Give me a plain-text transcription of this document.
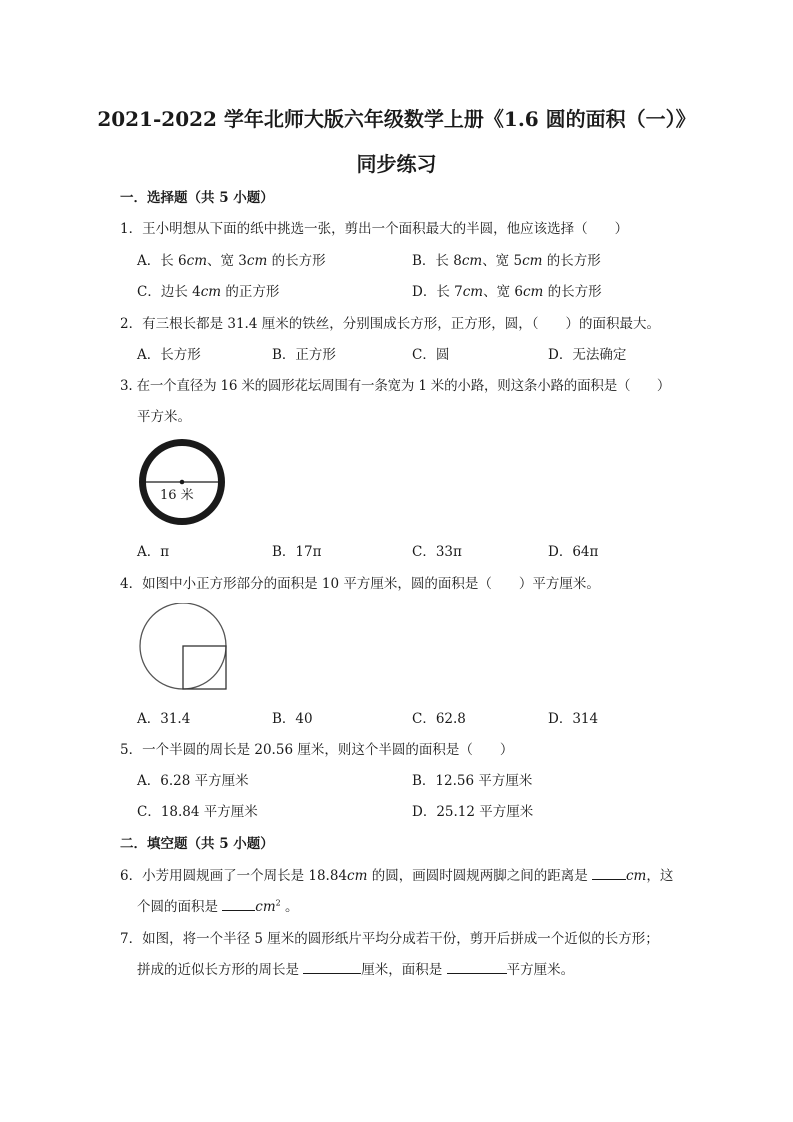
2021-2022 学年北师大版六年级数学上册《1.6 圆的面积（一）》
同步练习
一．选择题（共 5 小题）
1．王小明想从下面的纸中挑选一张，剪出一个面积最大的半圆，他应该选择（　　）
A．长 6cm、宽 3cm 的长方形	B．长 8cm、宽 5cm 的长方形
C．边长 4cm 的正方形	D．长 7cm、宽 6cm 的长方形
2．有三根长都是 31.4 厘米的铁丝，分别围成长方形，正方形，圆，（　　）的面积最大。
A．长方形	B．正方形	C．圆	D．无法确定
3. 在一个直径为 16 米的圆形花坛周围有一条宽为 1 米的小路，则这条小路的面积是（　　）
平方米。
16 米
A．π	B．17π	C．33π	D．64π
4．如图中小正方形部分的面积是 10 平方厘米，圆的面积是（　　）平方厘米。
A．31.4	B．40	C．62.8	D．314
5．一个半圆的周长是 20.56 厘米，则这个半圆的面积是（　　）
A．6.28 平方厘米	B．12.56 平方厘米
C．18.84 平方厘米	D．25.12 平方厘米
二．填空题（共 5 小题）
6．小芳用圆规画了一个周长是 18.84cm 的圆，画圆时圆规两脚之间的距离是	cm，这
个圆的面积是 $cm^2$ 。
7．如图，将一个半径 5 厘米的圆形纸片平均分成若干份，剪开后拼成一个近似的长方形；
拼成的近似长方形的周长是	厘米，面积是	平方厘米。
